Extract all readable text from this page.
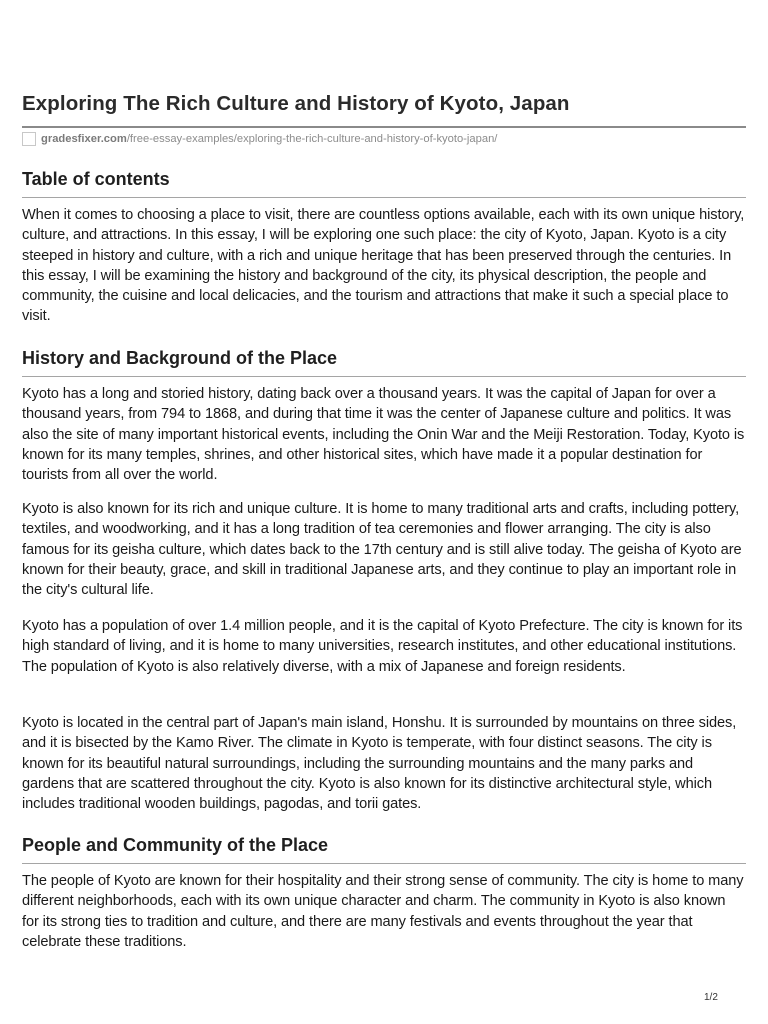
Exploring The Rich Culture and History of Kyoto, Japan
gradesfixer.com /free-essay-examples/exploring-the-rich-culture-and-history-of-kyoto-japan/
Table of contents

When it comes to choosing a place to visit, there are countless options available, each with its own unique history, culture, and attractions. In this essay, I will be exploring one such place: the city of Kyoto, Japan. Kyoto is a city steeped in history and culture, with a rich and unique heritage that has been preserved through the centuries. In this essay, I will be examining the history and background of the city, its physical description, the people and community, the cuisine and local delicacies, and the tourism and attractions that make it such a special place to visit.

History and Background of the Place

Kyoto has a long and storied history, dating back over a thousand years. It was the capital of Japan for over a thousand years, from 794 to 1868, and during that time it was the center of Japanese culture and politics. It was also the site of many important historical events, including the Onin War and the Meiji Restoration. Today, Kyoto is known for its many temples, shrines, and other historical sites, which have made it a popular destination for tourists from all over the world.

Kyoto is also known for its rich and unique culture. It is home to many traditional arts and crafts, including pottery, textiles, and woodworking, and it has a long tradition of tea ceremonies and flower arranging. The city is also famous for its geisha culture, which dates back to the 17th century and is still alive today. The geisha of Kyoto are known for their beauty, grace, and skill in traditional Japanese arts, and they continue to play an important role in the city's cultural life.

Kyoto has a population of over 1.4 million people, and it is the capital of Kyoto Prefecture. The city is known for its high standard of living, and it is home to many universities, research institutes, and other educational institutions. The population of Kyoto is also relatively diverse, with a mix of Japanese and foreign residents.

Kyoto is located in the central part of Japan's main island, Honshu. It is surrounded by mountains on three sides, and it is bisected by the Kamo River. The climate in Kyoto is temperate, with four distinct seasons. The city is known for its beautiful natural surroundings, including the surrounding mountains and the many parks and gardens that are scattered throughout the city. Kyoto is also known for its distinctive architectural style, which includes traditional wooden buildings, pagodas, and torii gates.

People and Community of the Place

The people of Kyoto are known for their hospitality and their strong sense of community. The city is home to many different neighborhoods, each with its own unique character and charm. The community in Kyoto is also known for its strong ties to tradition and culture, and there are many festivals and events throughout the year that celebrate these traditions.

1/2
